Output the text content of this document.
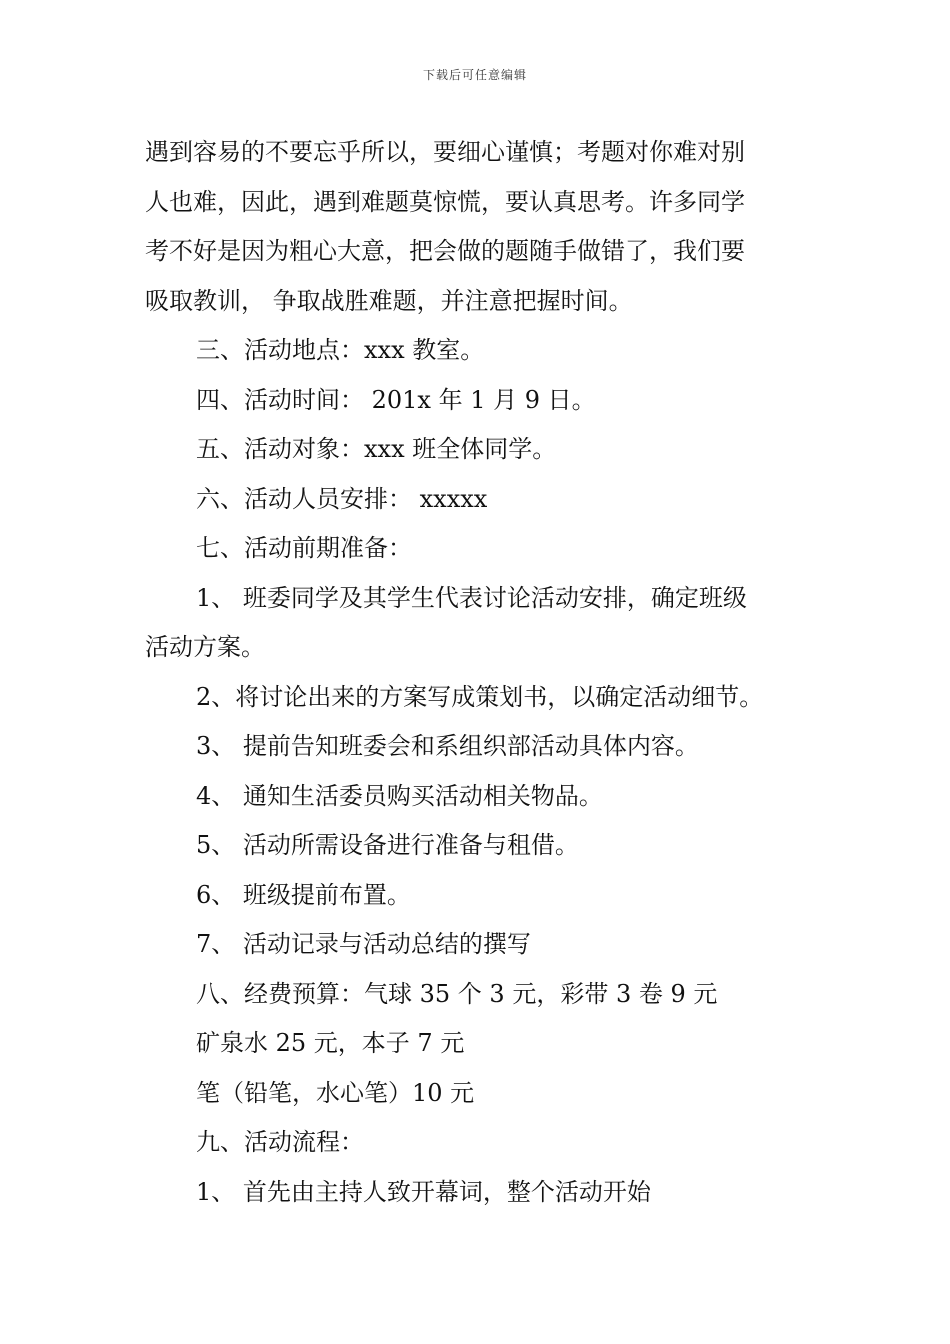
下载后可任意编辑
遇到容易的不要忘乎所以，要细心谨慎；考题对你难对别
人也难，因此，遇到难题莫惊慌，要认真思考。许多同学
考不好是因为粗心大意，把会做的题随手做错了，我们要
吸取教训， 争取战胜难题，并注意把握时间。

三、活动地点：xxx 教室。

四、活动时间： 201x 年 1 月 9 日。

五、活动对象：xxx 班全体同学。

六、活动人员安排： xxxxx

七、活动前期准备：

1、 班委同学及其学生代表讨论活动安排，确定班级
活动方案。

2、将讨论出来的方案写成策划书，以确定活动细节。

3、 提前告知班委会和系组织部活动具体内容。

4、 通知生活委员购买活动相关物品。

5、 活动所需设备进行准备与租借。

6、 班级提前布置。

7、 活动记录与活动总结的撰写

八、经费预算：气球 35 个 3 元，彩带 3 卷 9 元

矿泉水 25 元，本子 7 元

笔（铅笔，水心笔）10 元

九、活动流程：

1、 首先由主持人致开幕词，整个活动开始
